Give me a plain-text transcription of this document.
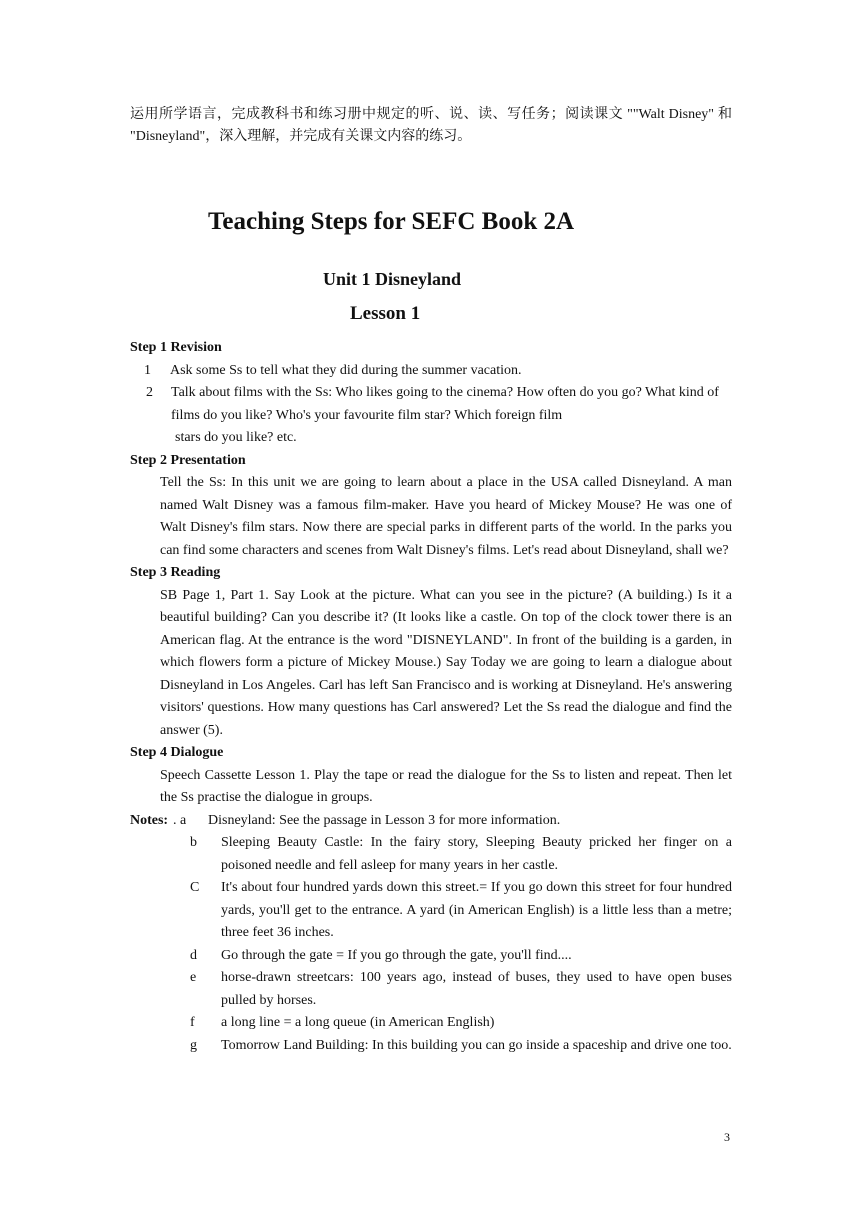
运用所学语言，完成教科书和练习册中规定的听、说、读、写任务；阅读课文 ""Walt Disney" 和 "Disneyland"，深入理解，并完成有关课文内容的练习。
Teaching Steps for SEFC Book 2A
Unit 1 Disneyland
Lesson 1
Step 1 Revision
1 Ask some Ss to tell what they did during the summer vacation.
2 Talk about films with the Ss: Who likes going to the cinema? How often do you go? What kind of films do you like? Who's your favourite film star? Which foreign film
stars do you like? etc.
Step 2 Presentation
Tell the Ss: In this unit we are going to learn about a place in the USA called Disneyland. A man named Walt Disney was a famous film-maker. Have you heard of Mickey Mouse? He was one of Walt Disney's film stars. Now there are special parks in different parts of the world. In the parks you can find some characters and scenes from Walt Disney's films. Let's read about Disneyland, shall we?
Step 3 Reading
SB Page 1, Part 1. Say Look at the picture. What can you see in the picture? (A building.) Is it a beautiful building? Can you describe it? (It looks like a castle. On top of the clock tower there is an American flag. At the entrance is the word "DISNEYLAND". In front of the building is a garden, in which flowers form a picture of Mickey Mouse.) Say Today we are going to learn a dialogue about Disneyland in Los Angeles. Carl has left San Francisco and is working at Disneyland. He's answering visitors' questions. How many questions has Carl answered? Let the Ss read the dialogue and find the answer (5).
Step 4 Dialogue
Speech Cassette Lesson 1. Play the tape or read the dialogue for the Ss to listen and repeat. Then let the Ss practise the dialogue in groups.
Notes: . a Disneyland: See the passage in Lesson 3 for more information.
b Sleeping Beauty Castle: In the fairy story, Sleeping Beauty pricked her finger on a poisoned needle and fell asleep for many years in her castle.
C It's about four hundred yards down this street.= If you go down this street for four hundred yards, you'll get to the entrance. A yard (in American English) is a little less than a metre; three feet 36 inches.
d Go through the gate = If you go through the gate, you'll find....
e horse-drawn streetcars: 100 years ago, instead of buses, they used to have open buses pulled by horses.
f a long line = a long queue (in American English)
g Tomorrow Land Building: In this building you can go inside a spaceship and drive one too.
3
